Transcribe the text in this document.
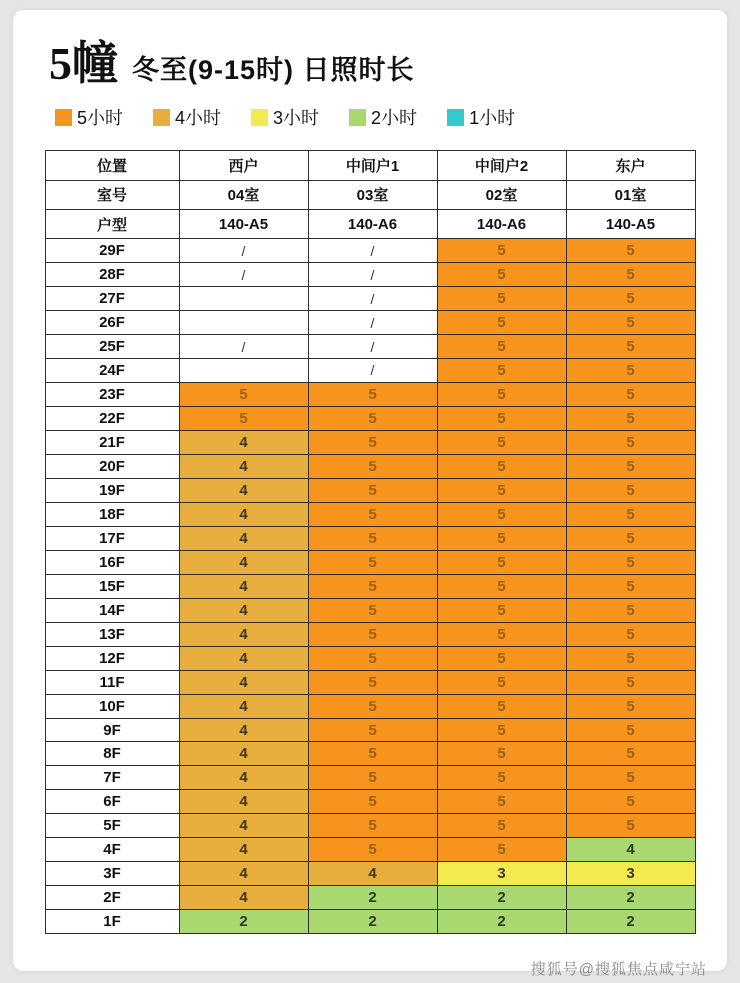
5幢 冬至(9-15时) 日照时长
5小时	4小时	3小时	2小时	1小时
位置	西户	中间户1	中间户2	东户
室号	04室	03室	02室	01室
户型	140-A5	140-A6	140-A6	140-A5
29F	/	/	5	5
28F	/	/	5	5
27F		/	5	5
26F		/	5	5
25F	/	/	5	5
24F		/	5	5
23F	5	5	5	5
22F	5	5	5	5
21F	4	5	5	5
20F	4	5	5	5
19F	4	5	5	5
18F	4	5	5	5
17F	4	5	5	5
16F	4	5	5	5
15F	4	5	5	5
14F	4	5	5	5
13F	4	5	5	5
12F	4	5	5	5
11F	4	5	5	5
10F	4	5	5	5
9F	4	5	5	5
8F	4	5	5	5
7F	4	5	5	5
6F	4	5	5	5
5F	4	5	5	5
4F	4	5	5	4
3F	4	4	3	3
2F	4	2	2	2
1F	2	2	2	2
搜狐号@搜狐焦点咸宁站
